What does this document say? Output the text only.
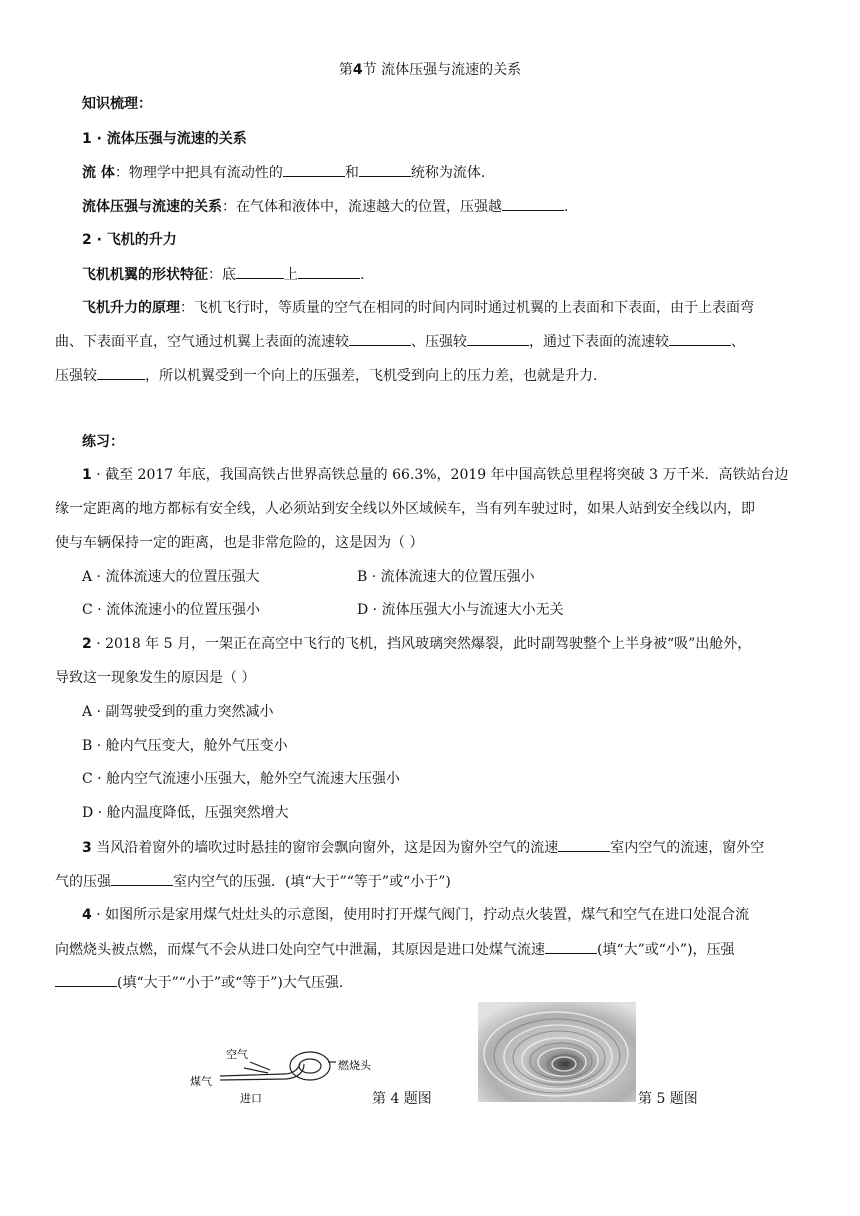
第4节 流体压强与流速的关系
知识梳理：
1 · 流体压强与流速的关系
流 体：物理学中把具有流动性的	和	统称为流体.
流体压强与流速的关系：在气体和液体中，流速越大的位置，压强越	.
2 · 飞机的升力
飞机机翼的形状特征：底	上	.
飞机升力的原理：飞机飞行时，等质量的空气在相同的时间内同时通过机翼的上表面和下表面，由于上表面弯
曲、下表面平直，空气通过机翼上表面的流速较	、压强较	，通过下表面的流速较	、
压强较	，所以机翼受到一个向上的压强差，飞机受到向上的压力差，也就是升力.
练习：
1 · 截至 2017 年底，我国高铁占世界高铁总量的 66.3%，2019 年中国高铁总里程将突破 3 万千米．高铁站台边
缘一定距离的地方都标有安全线，人必须站到安全线以外区域候车，当有列车驶过时，如果人站到安全线以内，即
使与车辆保持一定的距离，也是非常危险的，这是因为（ ）
A · 流体流速大的位置压强大	B · 流体流速大的位置压强小
C · 流体流速小的位置压强小	D · 流体压强大小与流速大小无关
2 · 2018 年 5 月，一架正在高空中飞行的飞机，挡风玻璃突然爆裂，此时副驾驶整个上半身被“吸”出舱外，
导致这一现象发生的原因是（ ）
A · 副驾驶受到的重力突然减小
B · 舱内气压变大，舱外气压变小
C · 舱内空气流速小压强大，舱外空气流速大压强小
D · 舱内温度降低，压强突然增大
3 当风沿着窗外的墙吹过时悬挂的窗帘会飘向窗外，这是因为窗外空气的流速	室内空气的流速，窗外空
气的压强	室内空气的压强．(填“大于”“等于”或“小于”)
4 · 如图所示是家用煤气灶灶头的示意图，使用时打开煤气阀门，拧动点火装置，煤气和空气在进口处混合流
向燃烧头被点燃，而煤气不会从进口处向空气中泄漏，其原因是进口处煤气流速	(填“大”或“小”)，压强
(填“大于”“小于”或“等于”)大气压强.
空气
煤气
燃烧头
进口	第 4 题图	第 5 题图
